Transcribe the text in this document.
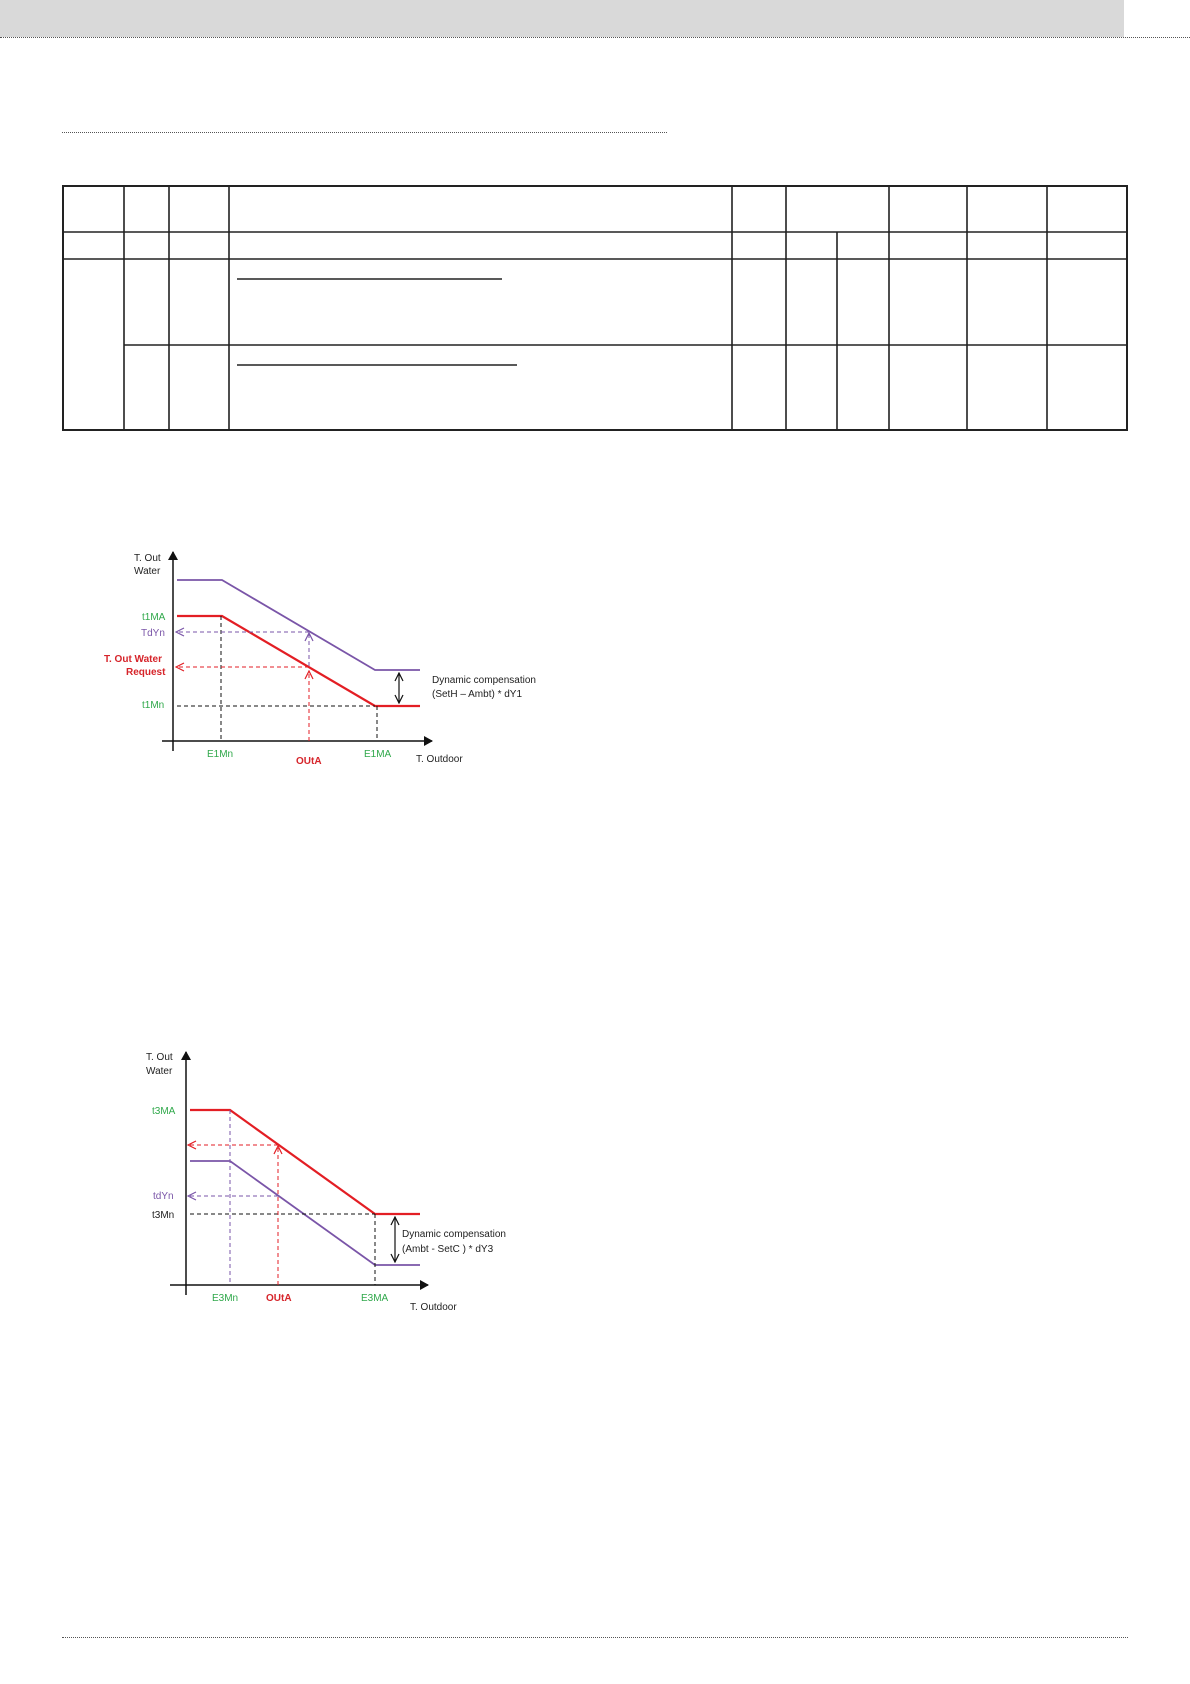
T. Out
Water
t1MA
TdYn
T. Out Water
Request
t1Mn
E1Mn
OUtA
E1MA T. Outdoor
Dynamic compensation
(SetH – Ambt) * dY1
T. Out
Water
t3MA
tdYn
t3Mn
E3Mn	OUtA	E3MA
T. Outdoor
Dynamic compensation
(Ambt - SetC ) * dY3
